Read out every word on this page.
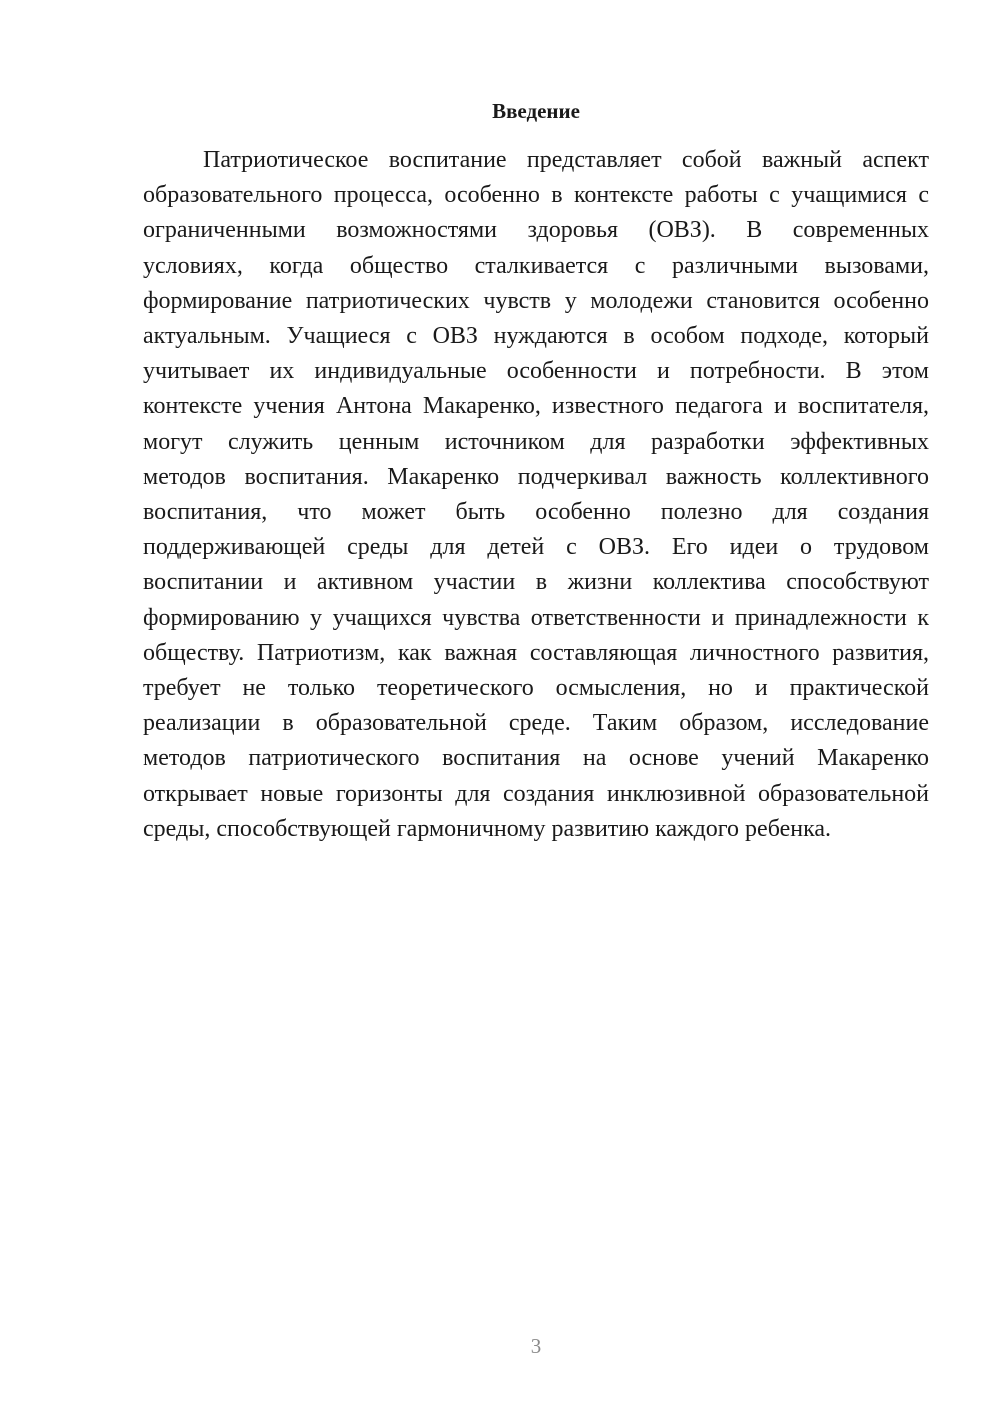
Введение
Патриотическое воспитание представляет собой важный аспект
образовательного процесса, особенно в контексте работы с учащимися с
ограниченными возможностями здоровья (ОВЗ). В современных
условиях, когда общество сталкивается с различными вызовами,
формирование патриотических чувств у молодежи становится особенно
актуальным. Учащиеся с ОВЗ нуждаются в особом подходе, который
учитывает их индивидуальные особенности и потребности. В этом
контексте учения Антона Макаренко, известного педагога и воспитателя,
могут служить ценным источником для разработки эффективных
методов воспитания. Макаренко подчеркивал важность коллективного
воспитания, что может быть особенно полезно для создания
поддерживающей среды для детей с ОВЗ. Его идеи о трудовом
воспитании и активном участии в жизни коллектива способствуют
формированию у учащихся чувства ответственности и принадлежности к
обществу. Патриотизм, как важная составляющая личностного развития,
требует не только теоретического осмысления, но и практической
реализации в образовательной среде. Таким образом, исследование
методов патриотического воспитания на основе учений Макаренко
открывает новые горизонты для создания инклюзивной образовательной
среды, способствующей гармоничному развитию каждого ребенка.

3
